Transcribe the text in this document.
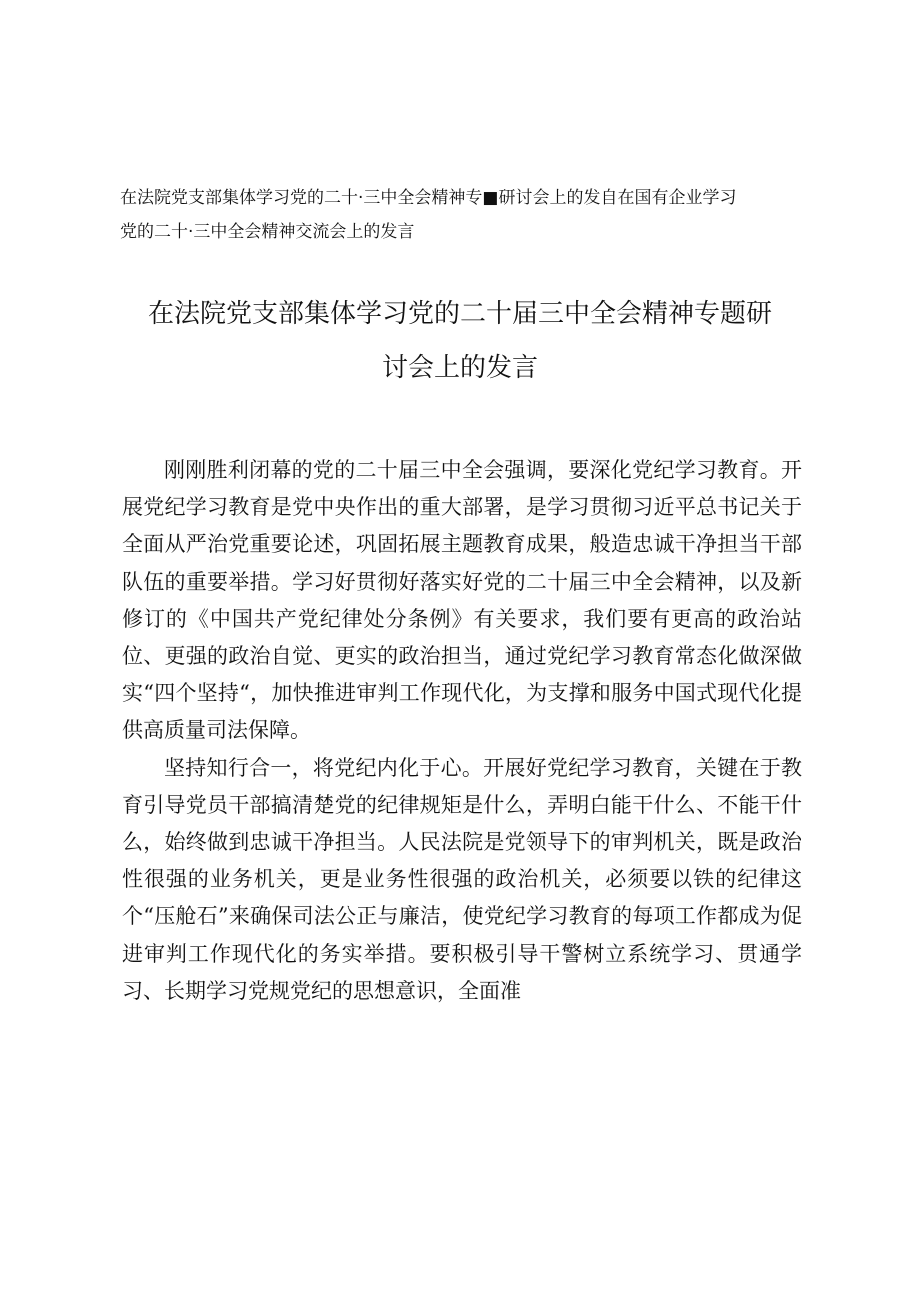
在法院党支部集体学习党的二十·三中全会精神专■研讨会上的发自在国有企业学习
党的二十·三中全会精神交流会上的发言
在法院党支部集体学习党的二十届三中全会精神专题研
讨会上的发言

刚刚胜利闭幕的党的二十届三中全会强调，要深化党纪学习教育。开展党纪学习教育是党中央作出的重大部署，是学习贯彻习近平总书记关于全面从严治党重要论述，巩固拓展主题教育成果，般造忠诚干净担当干部队伍的重要举措。学习好贯彻好落实好党的二十届三中全会精神，以及新修订的《中国共产党纪律处分条例》有关要求，我们要有更高的政治站位、更强的政治自觉、更实的政治担当，通过党纪学习教育常态化做深做实“四个坚持“，加快推进审判工作现代化，为支撑和服务中国式现代化提供高质量司法保障。

坚持知行合一，将党纪内化于心。开展好党纪学习教育，关键在于教育引导党员干部搞清楚党的纪律规矩是什么，弄明白能干什么、不能干什么，始终做到忠诚干净担当。人民法院是党领导下的审判机关，既是政治性很强的业务机关，更是业务性很强的政治机关，必须要以铁的纪律这个“压舱石”来确保司法公正与廉洁，使党纪学习教育的每项工作都成为促进审判工作现代化的务实举措。要积极引导干警树立系统学习、贯通学习、长期学习党规党纪的思想意识，全面准
